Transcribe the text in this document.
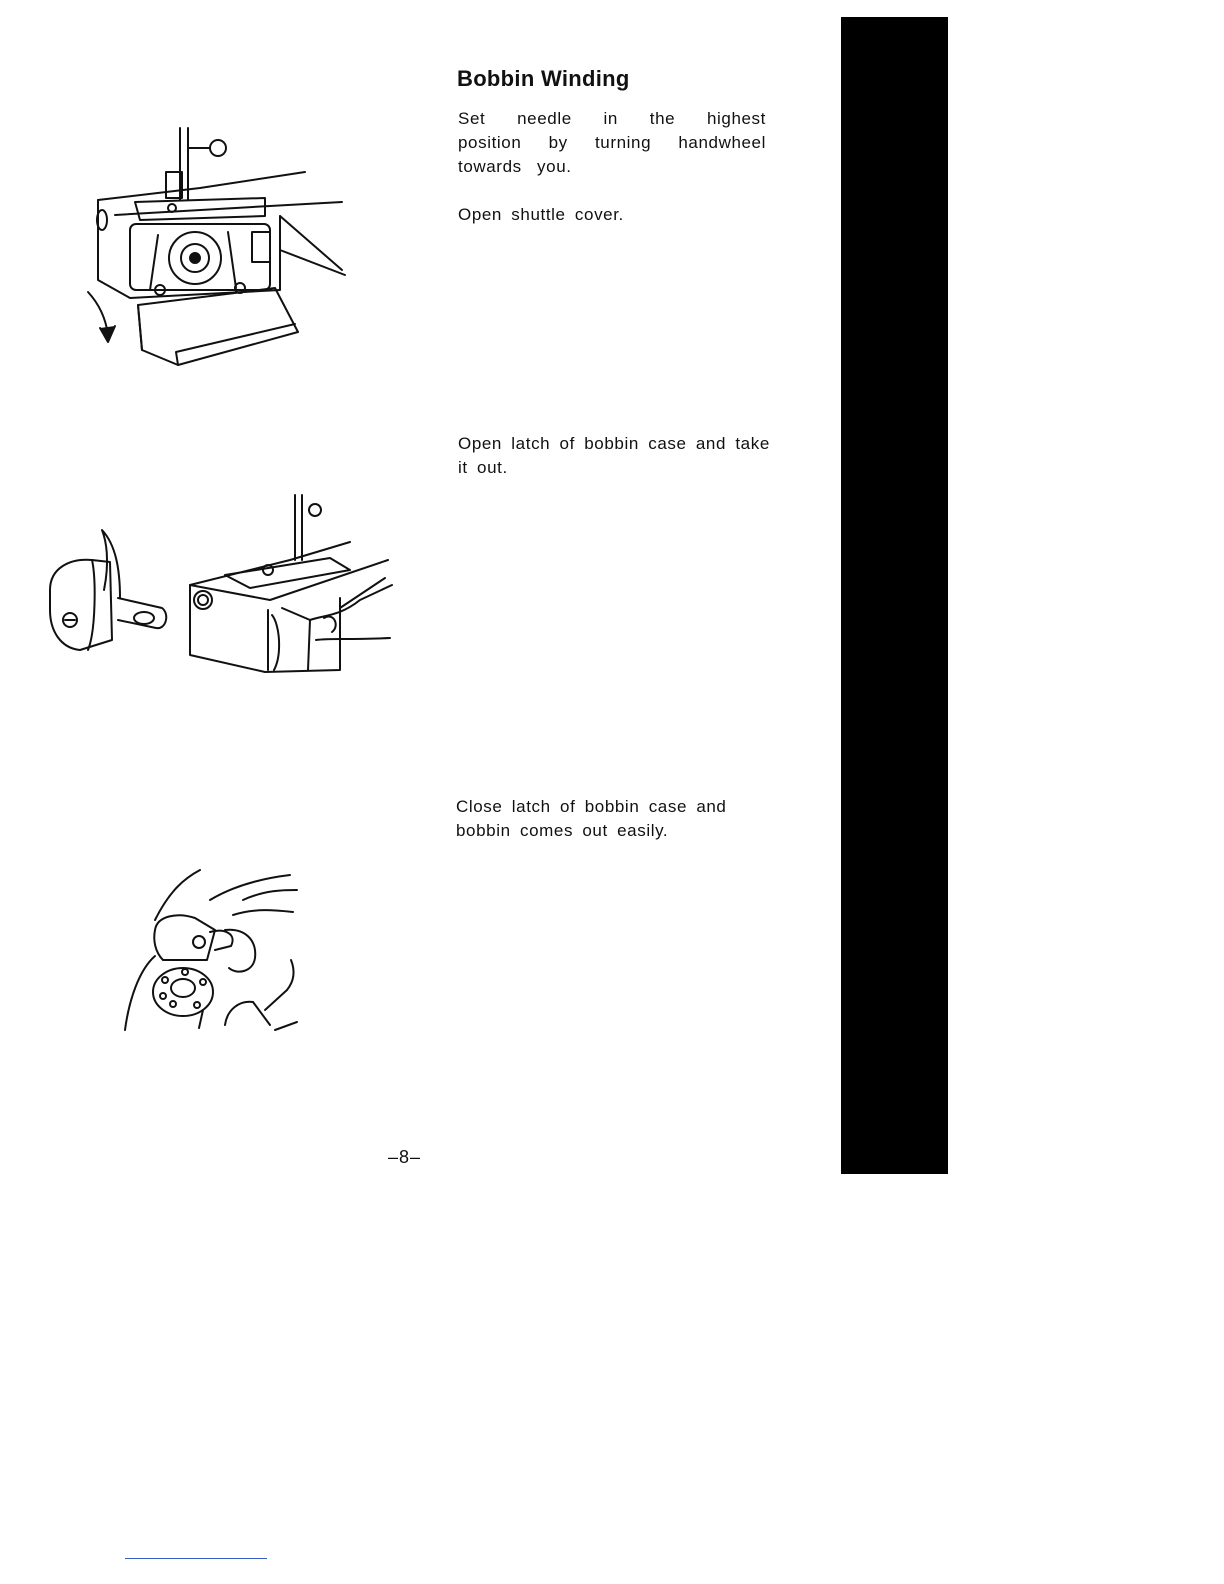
Bobbin Winding

Set needle in the highest position by turning handwheel towards you.

Open shuttle cover.

Open latch of bobbin case and take it out.

Close latch of bobbin case and bobbin comes out easily.

–8–
